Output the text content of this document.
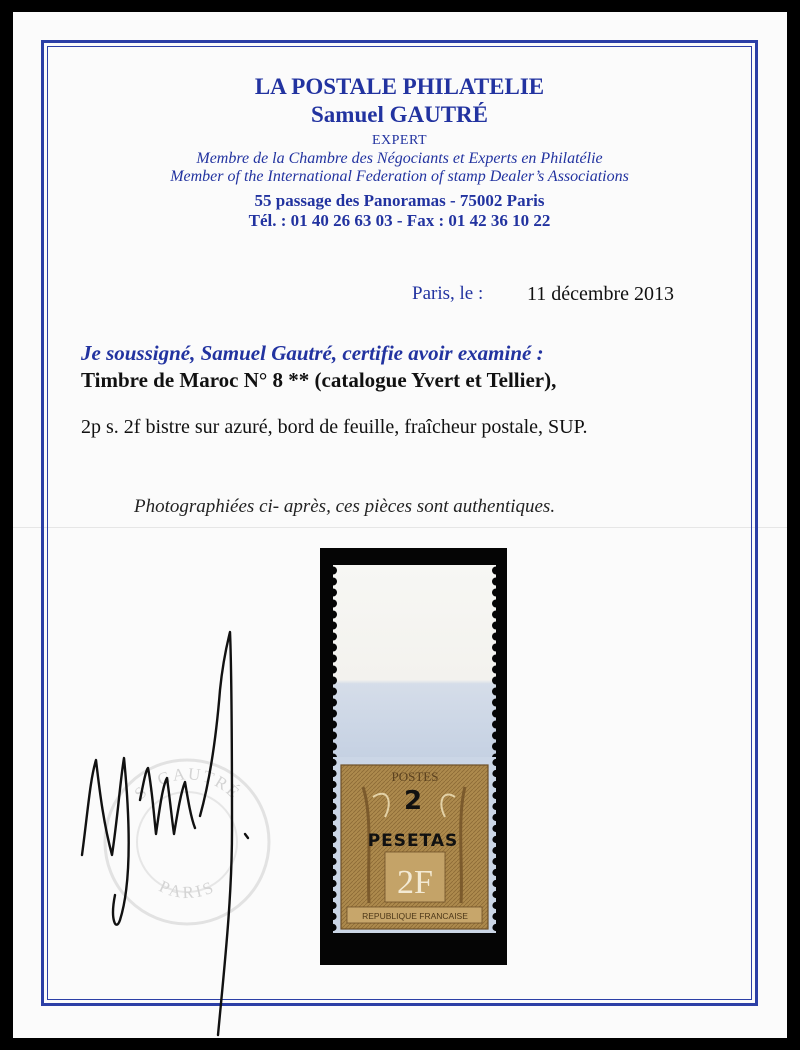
LA POSTALE PHILATELIE
Samuel GAUTRÉ
EXPERT
Membre de la Chambre des Négociants et Experts en Philatélie
Member of the International Federation of stamp Dealer’s Associations
55 passage des Panoramas - 75002 Paris
Tél. : 01 40 26 63 03 - Fax : 01 42 36 10 22
Paris, le : 11 décembre 2013
Je soussigné, Samuel Gautré, certifie avoir examiné :
Timbre de Maroc N° 8 ** (catalogue Yvert et Tellier),
2p s. 2f bistre sur azuré, bord de feuille, fraîcheur postale, SUP.
Photographiées ci- après, ces pièces sont authentiques.
S. GAUTRÉ
PARIS
POSTES
2
PESETAS
2F
REPUBLIQUE FRANCAISE
